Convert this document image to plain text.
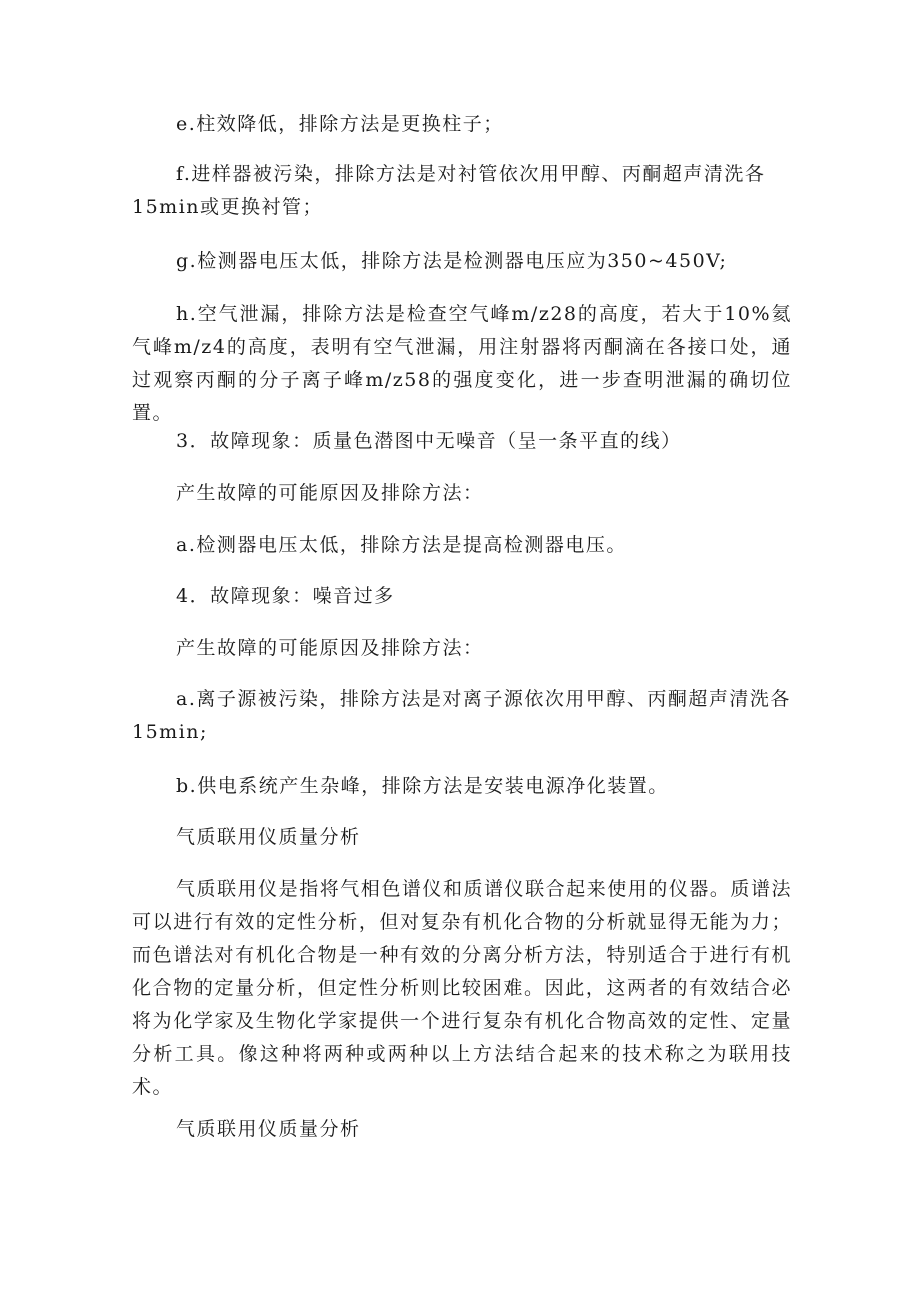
e.柱效降低，排除方法是更换柱子；

f.进样器被污染，排除方法是对衬管依次用甲醇、丙酮超声清洗各15min或更换衬管；

g.检测器电压太低，排除方法是检测器电压应为350~450V;

h.空气泄漏，排除方法是检查空气峰m/z28的高度，若大于10%氦气峰m/z4的高度，表明有空气泄漏，用注射器将丙酮滴在各接口处，通过观察丙酮的分子离子峰m/z58的强度变化，进一步查明泄漏的确切位置。

3．故障现象：质量色潜图中无噪音（呈一条平直的线）

产生故障的可能原因及排除方法：

a.检测器电压太低，排除方法是提高检测器电压。

4．故障现象：噪音过多

产生故障的可能原因及排除方法：

a.离子源被污染，排除方法是对离子源依次用甲醇、丙酮超声清洗各15min;

b.供电系统产生杂峰，排除方法是安装电源净化装置。

气质联用仪质量分析

气质联用仪是指将气相色谱仪和质谱仪联合起来使用的仪器。质谱法可以进行有效的定性分析，但对复杂有机化合物的分析就显得无能为力；而色谱法对有机化合物是一种有效的分离分析方法，特别适合于进行有机化合物的定量分析，但定性分析则比较困难。因此，这两者的有效结合必将为化学家及生物化学家提供一个进行复杂有机化合物高效的定性、定量分析工具。像这种将两种或两种以上方法结合起来的技术称之为联用技术。

气质联用仪质量分析
